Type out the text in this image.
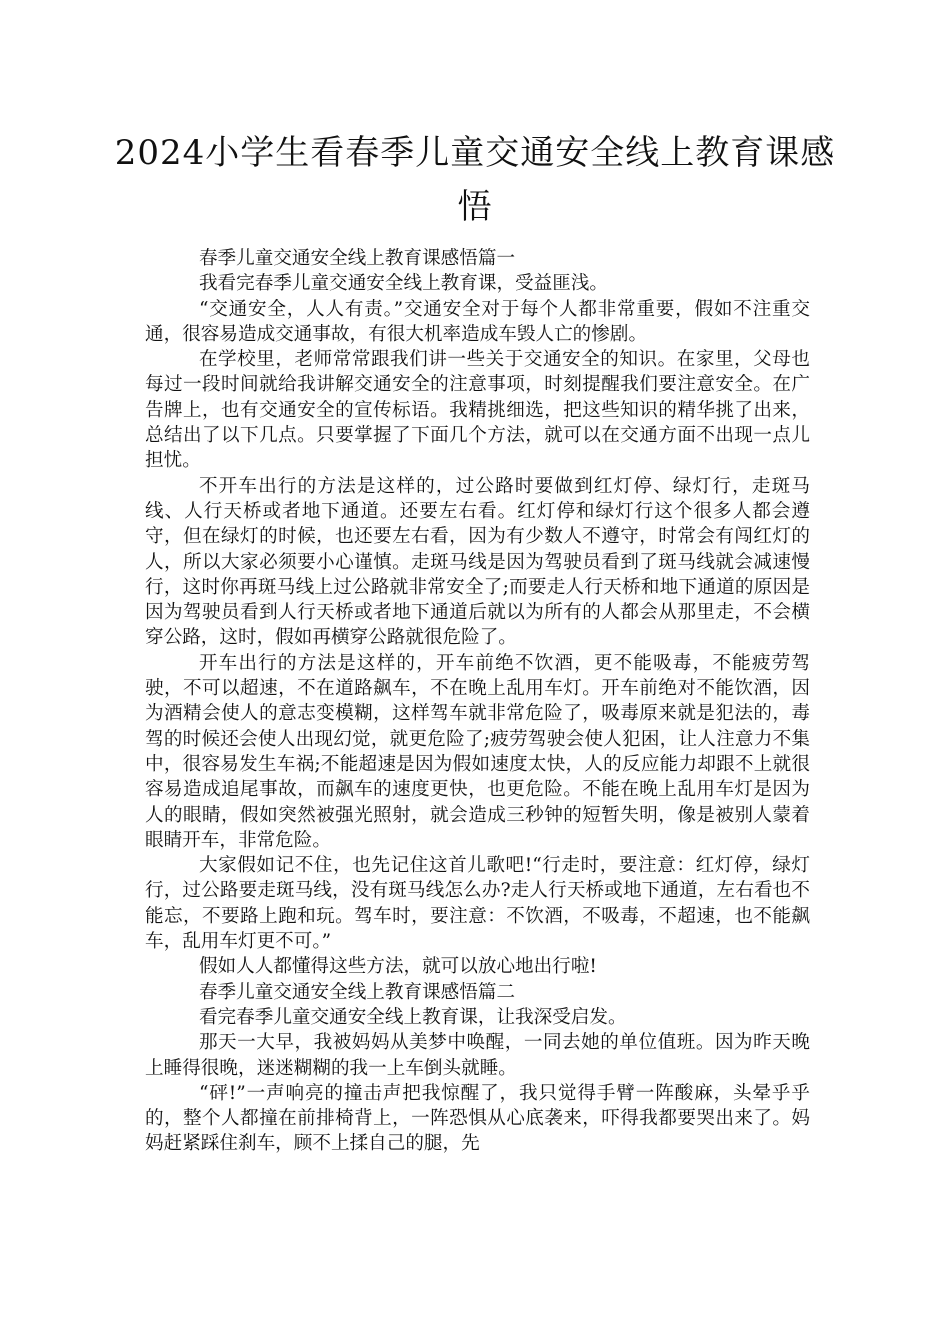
2024小学生看春季儿童交通安全线上教育课感悟

春季儿童交通安全线上教育课感悟篇一

我看完春季儿童交通安全线上教育课，受益匪浅。

“交通安全，人人有责。”交通安全对于每个人都非常重要，假如不注重交通，很容易造成交通事故，有很大机率造成车毁人亡的惨剧。

在学校里，老师常常跟我们讲一些关于交通安全的知识。在家里，父母也每过一段时间就给我讲解交通安全的注意事项，时刻提醒我们要注意安全。在广告牌上，也有交通安全的宣传标语。我精挑细选，把这些知识的精华挑了出来，总结出了以下几点。只要掌握了下面几个方法，就可以在交通方面不出现一点儿担忧。

不开车出行的方法是这样的，过公路时要做到红灯停、绿灯行，走斑马线、人行天桥或者地下通道。还要左右看。红灯停和绿灯行这个很多人都会遵守，但在绿灯的时候，也还要左右看，因为有少数人不遵守，时常会有闯红灯的人，所以大家必须要小心谨慎。走斑马线是因为驾驶员看到了斑马线就会减速慢行，这时你再斑马线上过公路就非常安全了;而要走人行天桥和地下通道的原因是因为驾驶员看到人行天桥或者地下通道后就以为所有的人都会从那里走，不会横穿公路，这时，假如再横穿公路就很危险了。

开车出行的方法是这样的，开车前绝不饮酒，更不能吸毒，不能疲劳驾驶，不可以超速，不在道路飙车，不在晚上乱用车灯。开车前绝对不能饮酒，因为酒精会使人的意志变模糊，这样驾车就非常危险了，吸毒原来就是犯法的，毒驾的时候还会使人出现幻觉，就更危险了;疲劳驾驶会使人犯困，让人注意力不集中，很容易发生车祸;不能超速是因为假如速度太快，人的反应能力却跟不上就很容易造成追尾事故，而飙车的速度更快，也更危险。不能在晚上乱用车灯是因为人的眼睛，假如突然被强光照射，就会造成三秒钟的短暂失明，像是被别人蒙着眼睛开车，非常危险。

大家假如记不住，也先记住这首儿歌吧!“行走时，要注意：红灯停，绿灯行，过公路要走斑马线，没有斑马线怎么办?走人行天桥或地下通道，左右看也不能忘，不要路上跑和玩。驾车时，要注意：不饮酒，不吸毒，不超速，也不能飙车，乱用车灯更不可。”

假如人人都懂得这些方法，就可以放心地出行啦!

春季儿童交通安全线上教育课感悟篇二

看完春季儿童交通安全线上教育课，让我深受启发。

那天一大早，我被妈妈从美梦中唤醒，一同去她的单位值班。因为昨天晚上睡得很晚，迷迷糊糊的我一上车倒头就睡。

“砰!”一声响亮的撞击声把我惊醒了，我只觉得手臂一阵酸麻，头晕乎乎的，整个人都撞在前排椅背上，一阵恐惧从心底袭来，吓得我都要哭出来了。妈妈赶紧踩住刹车，顾不上揉自己的腿，先
